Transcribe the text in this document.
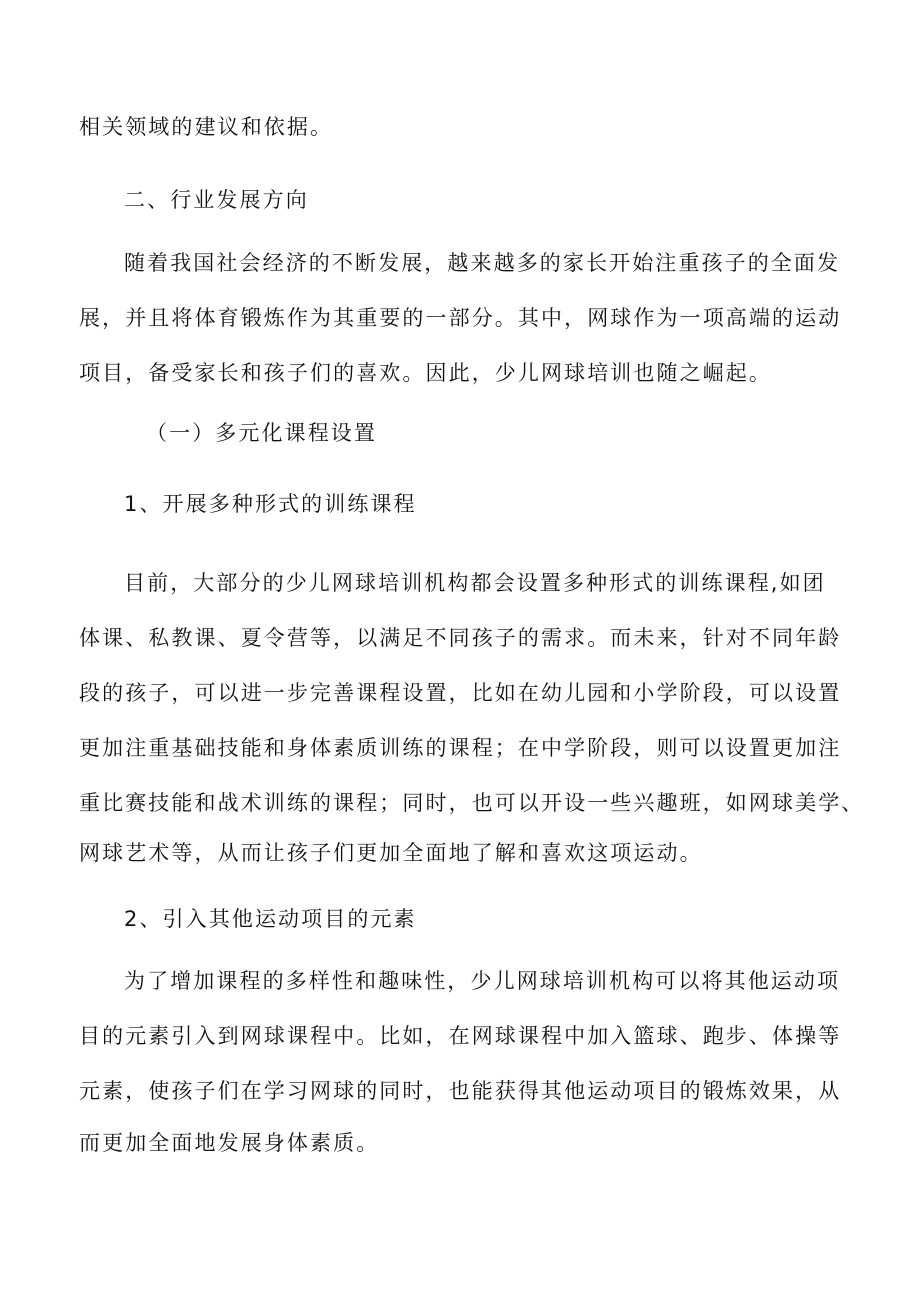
相关领域的建议和依据。
二、行业发展方向
随着我国社会经济的不断发展，越来越多的家长开始注重孩子的全面发
展，并且将体育锻炼作为其重要的一部分。其中，网球作为一项高端的运动
项目，备受家长和孩子们的喜欢。因此，少儿网球培训也随之崛起。
（一）多元化课程设置
1、开展多种形式的训练课程
目前，大部分的少儿网球培训机构都会设置多种形式的训练课程,如团
体课、私教课、夏令营等，以满足不同孩子的需求。而未来，针对不同年龄
段的孩子，可以进一步完善课程设置，比如在幼儿园和小学阶段，可以设置
更加注重基础技能和身体素质训练的课程；在中学阶段，则可以设置更加注
重比赛技能和战术训练的课程；同时，也可以开设一些兴趣班，如网球美学、
网球艺术等，从而让孩子们更加全面地了解和喜欢这项运动。
2、引入其他运动项目的元素
为了增加课程的多样性和趣味性，少儿网球培训机构可以将其他运动项
目的元素引入到网球课程中。比如，在网球课程中加入篮球、跑步、体操等
元素，使孩子们在学习网球的同时，也能获得其他运动项目的锻炼效果，从
而更加全面地发展身体素质。
